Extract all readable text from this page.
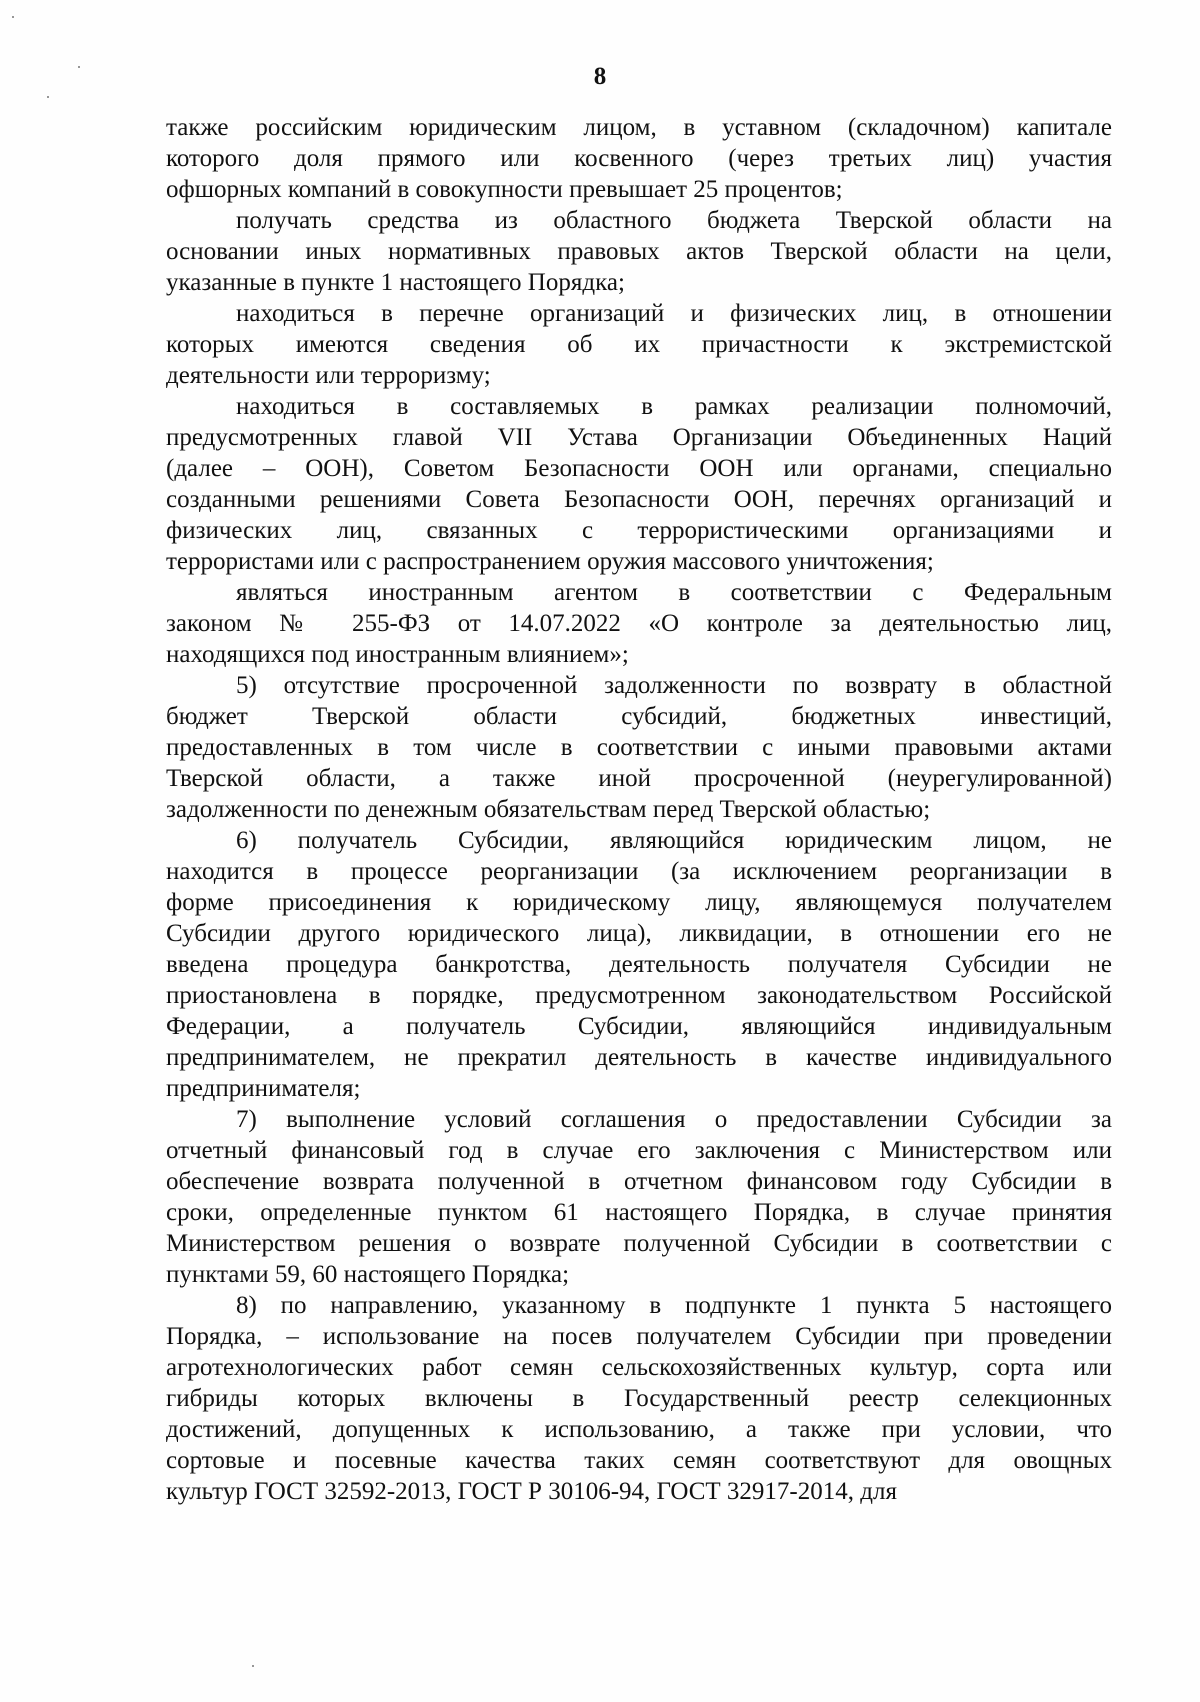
8
также российским юридическим лицом, в уставном (складочном) капитале
которого доля прямого или косвенного (через третьих лиц) участия
офшорных компаний в совокупности превышает 25 процентов;
получать средства из областного бюджета Тверской области на
основании иных нормативных правовых актов Тверской области на цели,
указанные в пункте 1 настоящего Порядка;
находиться в перечне организаций и физических лиц, в отношении
которых имеются сведения об их причастности к экстремистской
деятельности или терроризму;
находиться в составляемых в рамках реализации полномочий,
предусмотренных главой VII Устава Организации Объединенных Наций
(далее – ООН), Советом Безопасности ООН или органами, специально
созданными решениями Совета Безопасности ООН, перечнях организаций и
физических лиц, связанных с террористическими организациями и
террористами или с распространением оружия массового уничтожения;
являться иностранным агентом в соответствии с Федеральным
законом № 255-ФЗ от 14.07.2022 «О контроле за деятельностью лиц,
находящихся под иностранным влиянием»;
5) отсутствие просроченной задолженности по возврату в областной
бюджет Тверской области субсидий, бюджетных инвестиций,
предоставленных в том числе в соответствии с иными правовыми актами
Тверской области, а также иной просроченной (неурегулированной)
задолженности по денежным обязательствам перед Тверской областью;
6) получатель Субсидии, являющийся юридическим лицом, не
находится в процессе реорганизации (за исключением реорганизации в
форме присоединения к юридическому лицу, являющемуся получателем
Субсидии другого юридического лица), ликвидации, в отношении его не
введена процедура банкротства, деятельность получателя Субсидии не
приостановлена в порядке, предусмотренном законодательством Российской
Федерации, а получатель Субсидии, являющийся индивидуальным
предпринимателем, не прекратил деятельность в качестве индивидуального
предпринимателя;
7) выполнение условий соглашения о предоставлении Субсидии за
отчетный финансовый год в случае его заключения с Министерством или
обеспечение возврата полученной в отчетном финансовом году Субсидии в
сроки, определенные пунктом 61 настоящего Порядка, в случае принятия
Министерством решения о возврате полученной Субсидии в соответствии с
пунктами 59, 60 настоящего Порядка;
8) по направлению, указанному в подпункте 1 пункта 5 настоящего
Порядка, – использование на посев получателем Субсидии при проведении
агротехнологических работ семян сельскохозяйственных культур, сорта или
гибриды которых включены в Государственный реестр селекционных
достижений, допущенных к использованию, а также при условии, что
сортовые и посевные качества таких семян соответствуют для овощных
культур ГОСТ 32592-2013, ГОСТ Р 30106-94, ГОСТ 32917-2014, для
